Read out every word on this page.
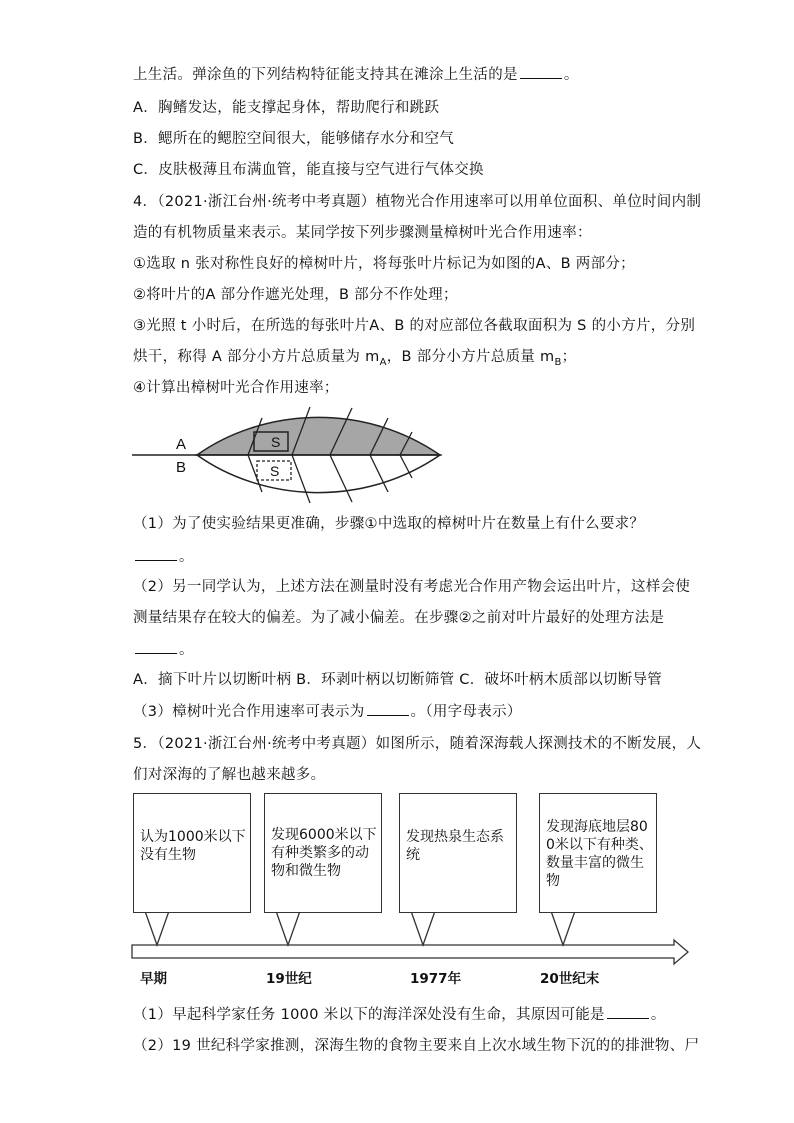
上生活。弹涂鱼的下列结构特征能支持其在滩涂上生活的是	。
A．胸鳍发达，能支撑起身体，帮助爬行和跳跃
B．鳃所在的鳃腔空间很大，能够储存水分和空气
C．皮肤极薄且布满血管，能直接与空气进行气体交换
4．（2021·浙江台州·统考中考真题）植物光合作用速率可以用单位面积、单位时间内制
造的有机物质量来表示。某同学按下列步骤测量樟树叶光合作用速率：
①选取 n 张对称性良好的樟树叶片，将每张叶片标记为如图的A、B 两部分；
②将叶片的A 部分作遮光处理，B 部分不作处理；
③光照 t 小时后，在所选的每张叶片A、B 的对应部位各截取面积为 S 的小方片，分别
烘干，称得 A 部分小方片总质量为 $m_A$，B 部分小方片总质量 $m_B$；
④计算出樟树叶光合作用速率；
S
S
A
B
（1）为了使实验结果更准确，步骤①中选取的樟树叶片在数量上有什么要求？
。
（2）另一同学认为，上述方法在测量时没有考虑光合作用产物会运出叶片，这样会使
测量结果存在较大的偏差。为了减小偏差。在步骤②之前对叶片最好的处理方法是
。
A．摘下叶片以切断叶柄 B．环剥叶柄以切断筛管 C．破坏叶柄木质部以切断导管
（3）樟树叶光合作用速率可表示为	。（用字母表示）
5．（2021·浙江台州·统考中考真题）如图所示，随着深海载人探测技术的不断发展，人
们对深海的了解也越来越多。
认为1000米以下没有生物
发现6000米以下有种类繁多的动物和微生物
发现热泉生态系统
发现海底地层800米以下有种类、数量丰富的微生物
早期	19世纪	1977年	20世纪末
（1）早起科学家任务 1000 米以下的海洋深处没有生命，其原因可能是	。
（2）19 世纪科学家推测，深海生物的食物主要来自上次水域生物下沉的的排泄物、尸
